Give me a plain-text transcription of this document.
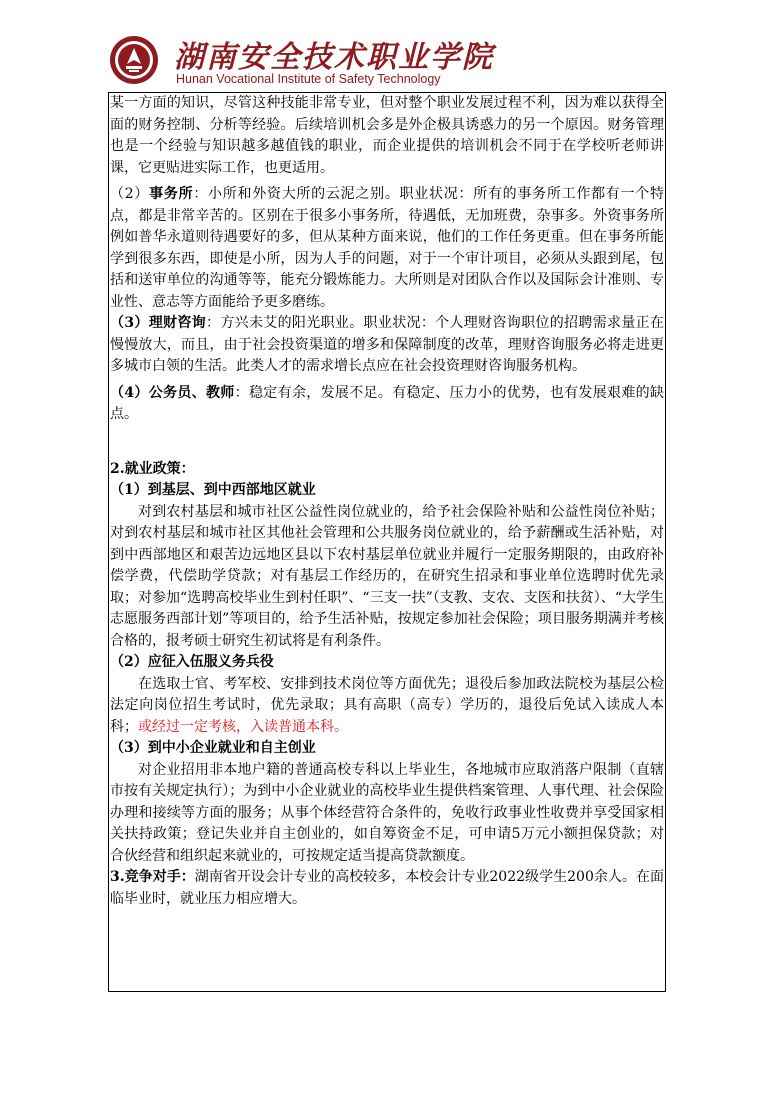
湖南安全技术职业学院
Hunan Vocational Institute of Safety Technology

某一方面的知识，尽管这种技能非常专业，但对整个职业发展过程不利，因为难以获得全面的财务控制、分析等经验。后续培训机会多是外企极具诱惑力的另一个原因。财务管理也是一个经验与知识越多越值钱的职业，而企业提供的培训机会不同于在学校听老师讲课，它更贴进实际工作，也更适用。

（2）事务所：小所和外资大所的云泥之别。职业状况：所有的事务所工作都有一个特点，都是非常辛苦的。区别在于很多小事务所，待遇低，无加班费，杂事多。外资事务所例如普华永道则待遇要好的多，但从某种方面来说，他们的工作任务更重。但在事务所能学到很多东西，即使是小所，因为人手的问题，对于一个审计项目，必须从头跟到尾，包括和送审单位的沟通等等，能充分锻炼能力。大所则是对团队合作以及国际会计准则、专业性、意志等方面能给予更多磨练。

（3）理财咨询：方兴未艾的阳光职业。职业状况：个人理财咨询职位的招聘需求量正在慢慢放大，而且，由于社会投资渠道的增多和保障制度的改革，理财咨询服务必将走进更多城市白领的生活。此类人才的需求增长点应在社会投资理财咨询服务机构。

（4）公务员、教师：稳定有余，发展不足。有稳定、压力小的优势，也有发展艰难的缺点。

2.就业政策：

（1）到基层、到中西部地区就业

对到农村基层和城市社区公益性岗位就业的，给予社会保险补贴和公益性岗位补贴；对到农村基层和城市社区其他社会管理和公共服务岗位就业的，给予薪酬或生活补贴，对到中西部地区和艰苦边远地区县以下农村基层单位就业并履行一定服务期限的，由政府补偿学费，代偿助学贷款；对有基层工作经历的，在研究生招录和事业单位选聘时优先录取；对参加“选聘高校毕业生到村任职”、“三支一扶”（支教、支农、支医和扶贫）、“大学生志愿服务西部计划”等项目的，给予生活补贴，按规定参加社会保险；项目服务期满并考核合格的，报考硕士研究生初试将是有利条件。

（2）应征入伍服义务兵役

在选取士官、考军校、安排到技术岗位等方面优先；退役后参加政法院校为基层公检法定向岗位招生考试时，优先录取；具有高职（高专）学历的，退役后免试入读成人本科；或经过一定考核，入读普通本科。

（3）到中小企业就业和自主创业

对企业招用非本地户籍的普通高校专科以上毕业生，各地城市应取消落户限制（直辖市按有关规定执行）；为到中小企业就业的高校毕业生提供档案管理、人事代理、社会保险办理和接续等方面的服务；从事个体经营符合条件的，免收行政事业性收费并享受国家相关扶持政策；登记失业并自主创业的，如自筹资金不足，可申请5万元小额担保贷款；对合伙经营和组织起来就业的，可按规定适当提高贷款额度。

3.竞争对手：湖南省开设会计专业的高校较多，本校会计专业2022级学生200余人。在面临毕业时，就业压力相应增大。
